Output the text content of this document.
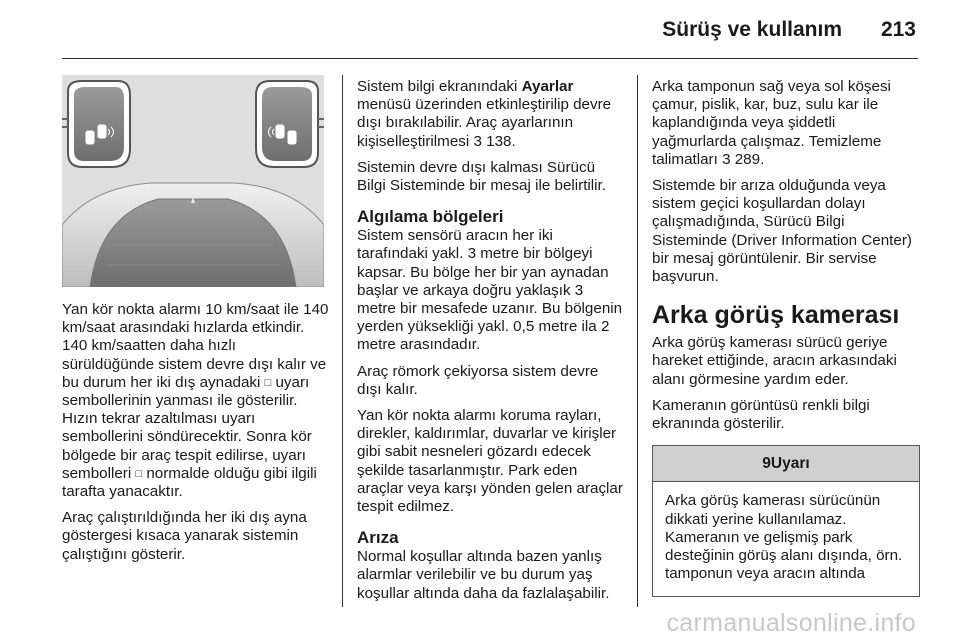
Sürüş ve kullanım 213

Yan kör nokta alarmı 10 km/saat ile 140 km/saat arasındaki hızlarda etkindir. 140 km/saatten daha hızlı sürüldüğünde sistem devre dışı kalır ve bu durum her iki dış aynadaki □ uyarı sembollerinin yanması ile gösterilir. Hızın tekrar azaltılması uyarı sembollerini söndürecektir. Sonra kör bölgede bir araç tespit edilirse, uyarı sembolleri □ normalde olduğu gibi ilgili tarafta yanacaktır.

Araç çalıştırıldığında her iki dış ayna göstergesi kısaca yanarak sistemin çalıştığını gösterir.

Sistem bilgi ekranındaki Ayarlar menüsü üzerinden etkinleştirilip devre dışı bırakılabilir. Araç ayarlarının kişiselleştirilmesi 3 138.

Sistemin devre dışı kalması Sürücü Bilgi Sisteminde bir mesaj ile belirtilir.

Algılama bölgeleri

Sistem sensörü aracın her iki tarafındaki yakl. 3 metre bir bölgeyi kapsar. Bu bölge her bir yan aynadan başlar ve arkaya doğru yaklaşık 3 metre bir mesafede uzanır. Bu bölgenin yerden yüksekliği yakl. 0,5 metre ila 2 metre arasındadır.

Araç römork çekiyorsa sistem devre dışı kalır.

Yan kör nokta alarmı koruma rayları, direkler, kaldırımlar, duvarlar ve kirişler gibi sabit nesneleri gözardı edecek şekilde tasarlanmıştır. Park eden araçlar veya karşı yönden gelen araçlar tespit edilmez.

Arıza

Normal koşullar altında bazen yanlış alarmlar verilebilir ve bu durum yaş koşullar altında daha da fazlalaşabilir.

Arka tamponun sağ veya sol köşesi çamur, pislik, kar, buz, sulu kar ile kaplandığında veya şiddetli yağmurlarda çalışmaz. Temizleme talimatları 3 289.

Sistemde bir arıza olduğunda veya sistem geçici koşullardan dolayı çalışmadığında, Sürücü Bilgi Sisteminde (Driver Information Center) bir mesaj görüntülenir. Bir servise başvurun.

Arka görüş kamerası

Arka görüş kamerası sürücü geriye hareket ettiğinde, aracın arkasındaki alanı görmesine yardım eder.

Kameranın görüntüsü renkli bilgi ekranında gösterilir.

9Uyarı
Arka görüş kamerası sürücünün dikkati yerine kullanılamaz. Kameranın ve gelişmiş park desteğinin görüş alanı dışında, örn. tamponun veya aracın altında
carmanualsonline.info
